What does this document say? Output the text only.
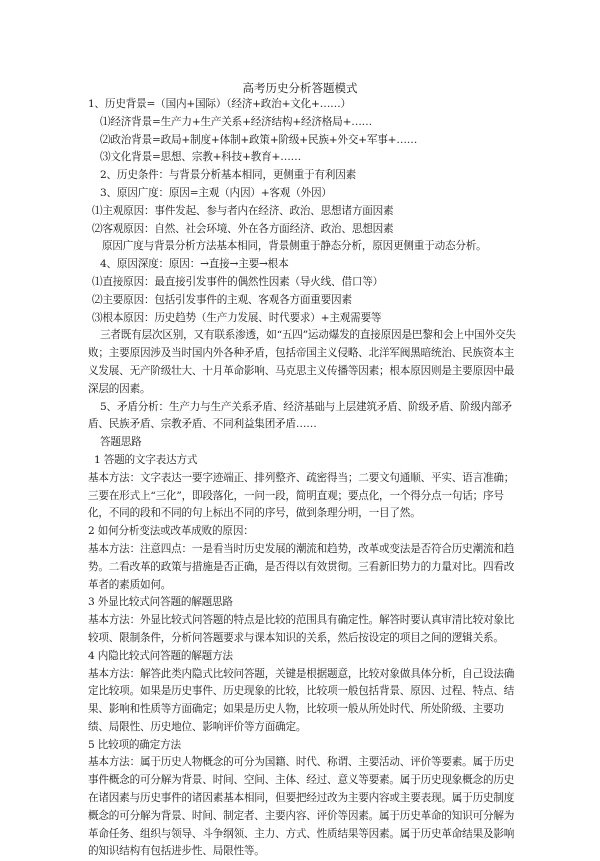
高考历史分析答题模式

1、历史背景=（国内+国际）（经济+政治+文化+……）

⑴经济背景=生产力+生产关系+经济结构+经济格局+……

⑵政治背景=政局+制度+体制+政策+阶级+民族+外交+军事+……

⑶文化背景=思想、宗教+科技+教育+……

2、历史条件：与背景分析基本相同，更侧重于有利因素

3、原因广度：原因=主观（内因）+客观（外因）

⑴主观原因：事件发起、参与者内在经济、政治、思想诸方面因素

⑵客观原因：自然、社会环境、外在各方面经济、政治、思想因素

原因广度与背景分析方法基本相同，背景侧重于静态分析，原因更侧重于动态分析。

4、原因深度：原因：→直接→主要→根本

⑴直接原因：最直接引发事件的偶然性因素（导火线、借口等）

⑵主要原因：包括引发事件的主观、客观各方面重要因素

⑶根本原因：历史趋势（生产力发展、时代要求）+主观需要等

三者既有层次区别，又有联系渗透，如“五四”运动爆发的直接原因是巴黎和会上中国外交失败；主要原因涉及当时国内外各种矛盾，包括帝国主义侵略、北洋军阀黑暗统治、民族资本主义发展、无产阶级壮大、十月革命影响、马克思主义传播等因素；根本原因则是主要原因中最深层的因素。

5、矛盾分析：生产力与生产关系矛盾、经济基础与上层建筑矛盾、阶级矛盾、阶级内部矛盾、民族矛盾、宗教矛盾、不同利益集团矛盾……

答题思路

1 答题的文字表达方式

基本方法：文字表达一要字迹端正、排列整齐、疏密得当；二要文句通顺、平实、语言准确；三要在形式上“三化”，即段落化，一问一段，简明直观；要点化，一个得分点一句话；序号化，不同的段和不同的句上标出不同的序号，做到条理分明，一目了然。

2 如何分析变法或改革成败的原因：

基本方法：注意四点：一是看当时历史发展的潮流和趋势，改革或变法是否符合历史潮流和趋势。二看改革的政策与措施是否正确，是否得以有效贯彻。三看新旧势力的力量对比。四看改革者的素质如何。

3 外显比较式问答题的解题思路

基本方法：外显比较式问答题的特点是比较的范围具有确定性。解答时要认真审清比较对象比较项、限制条件，分析问答题要求与课本知识的关系，然后按设定的项目之间的逻辑关系。

4 内隐比较式问答题的解题方法

基本方法：解答此类内隐式比较问答题，关键是根据题意，比较对象做具体分析，自己设法确定比较项。如果是历史事件、历史现象的比较，比较项一般包括背景、原因、过程、特点、结果、影响和性质等方面确定；如果是历史人物，比较项一般从所处时代、所处阶级、主要功绩、局限性、历史地位、影响评价等方面确定。

5 比较项的确定方法

基本方法：属于历史人物概念的可分为国籍、时代、称谓、主要活动、评价等要素。属于历史事件概念的可分解为背景、时间、空间、主体、经过、意义等要素。属于历史现象概念的历史在诸因素与历史事件的诸因素基本相同，但要把经过改为主要内容或主要表现。属于历史制度概念的可分解为背景、时间、制定者、主要内容、评价等因素。属于历史革命的知识可分解为革命任务、组织与领导、斗争纲领、主力、方式、性质结果等因素。属于历史革命结果及影响的知识结构有包括进步性、局限性等。
